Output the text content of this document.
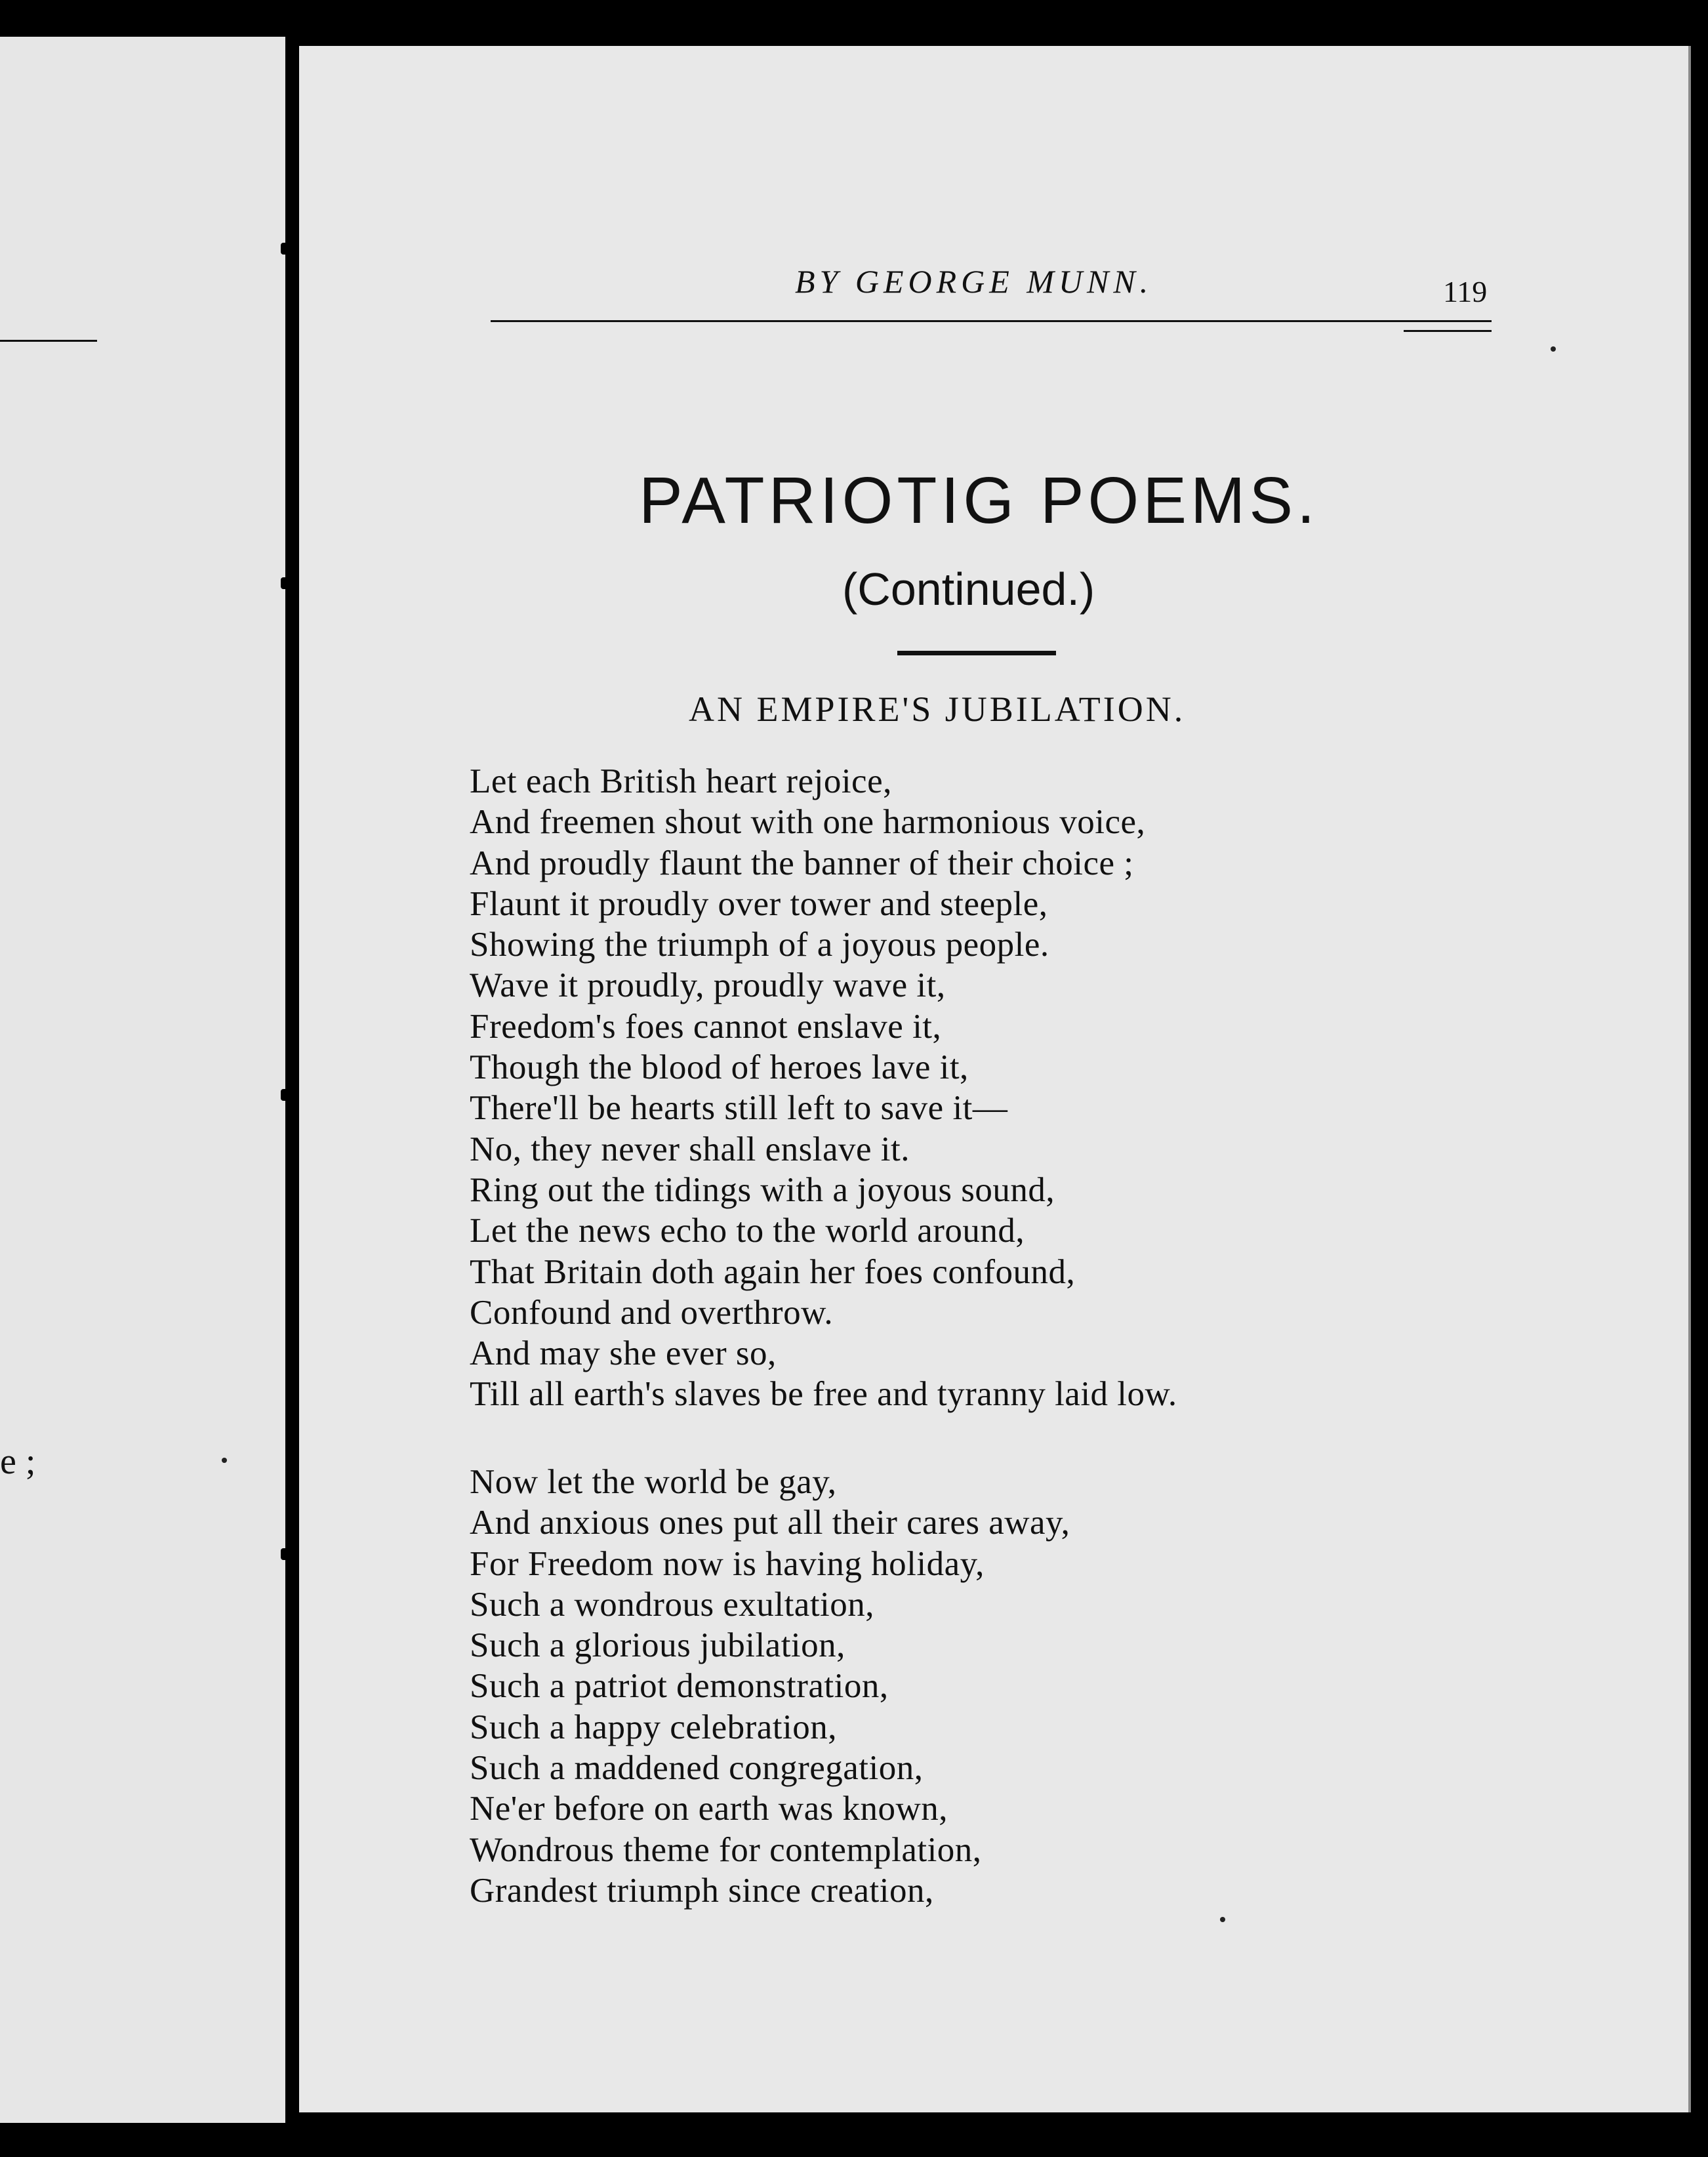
e ;
BY GEORGE MUNN.	119
PATRIOTIG POEMS.
(Continued.)
AN EMPIRE'S JUBILATION.
Let each British heart rejoice,
And freemen shout with one harmonious voice,
And proudly flaunt the banner of their choice ;
Flaunt it proudly over tower and steeple,
Showing the triumph of a joyous people.
Wave it proudly, proudly wave it,
Freedom's foes cannot enslave it,
Though the blood of heroes lave it,
There'll be hearts still left to save it—
No, they never shall enslave it.
Ring out the tidings with a joyous sound,
Let the news echo to the world around,
That Britain doth again her foes confound,
Confound and overthrow.
And may she ever so,
Till all earth's slaves be free and tyranny laid low.
Now let the world be gay,
And anxious ones put all their cares away,
For Freedom now is having holiday,
Such a wondrous exultation,
Such a glorious jubilation,
Such a patriot demonstration,
Such a happy celebration,
Such a maddened congregation,
Ne'er before on earth was known,
Wondrous theme for contemplation,
Grandest triumph since creation,
